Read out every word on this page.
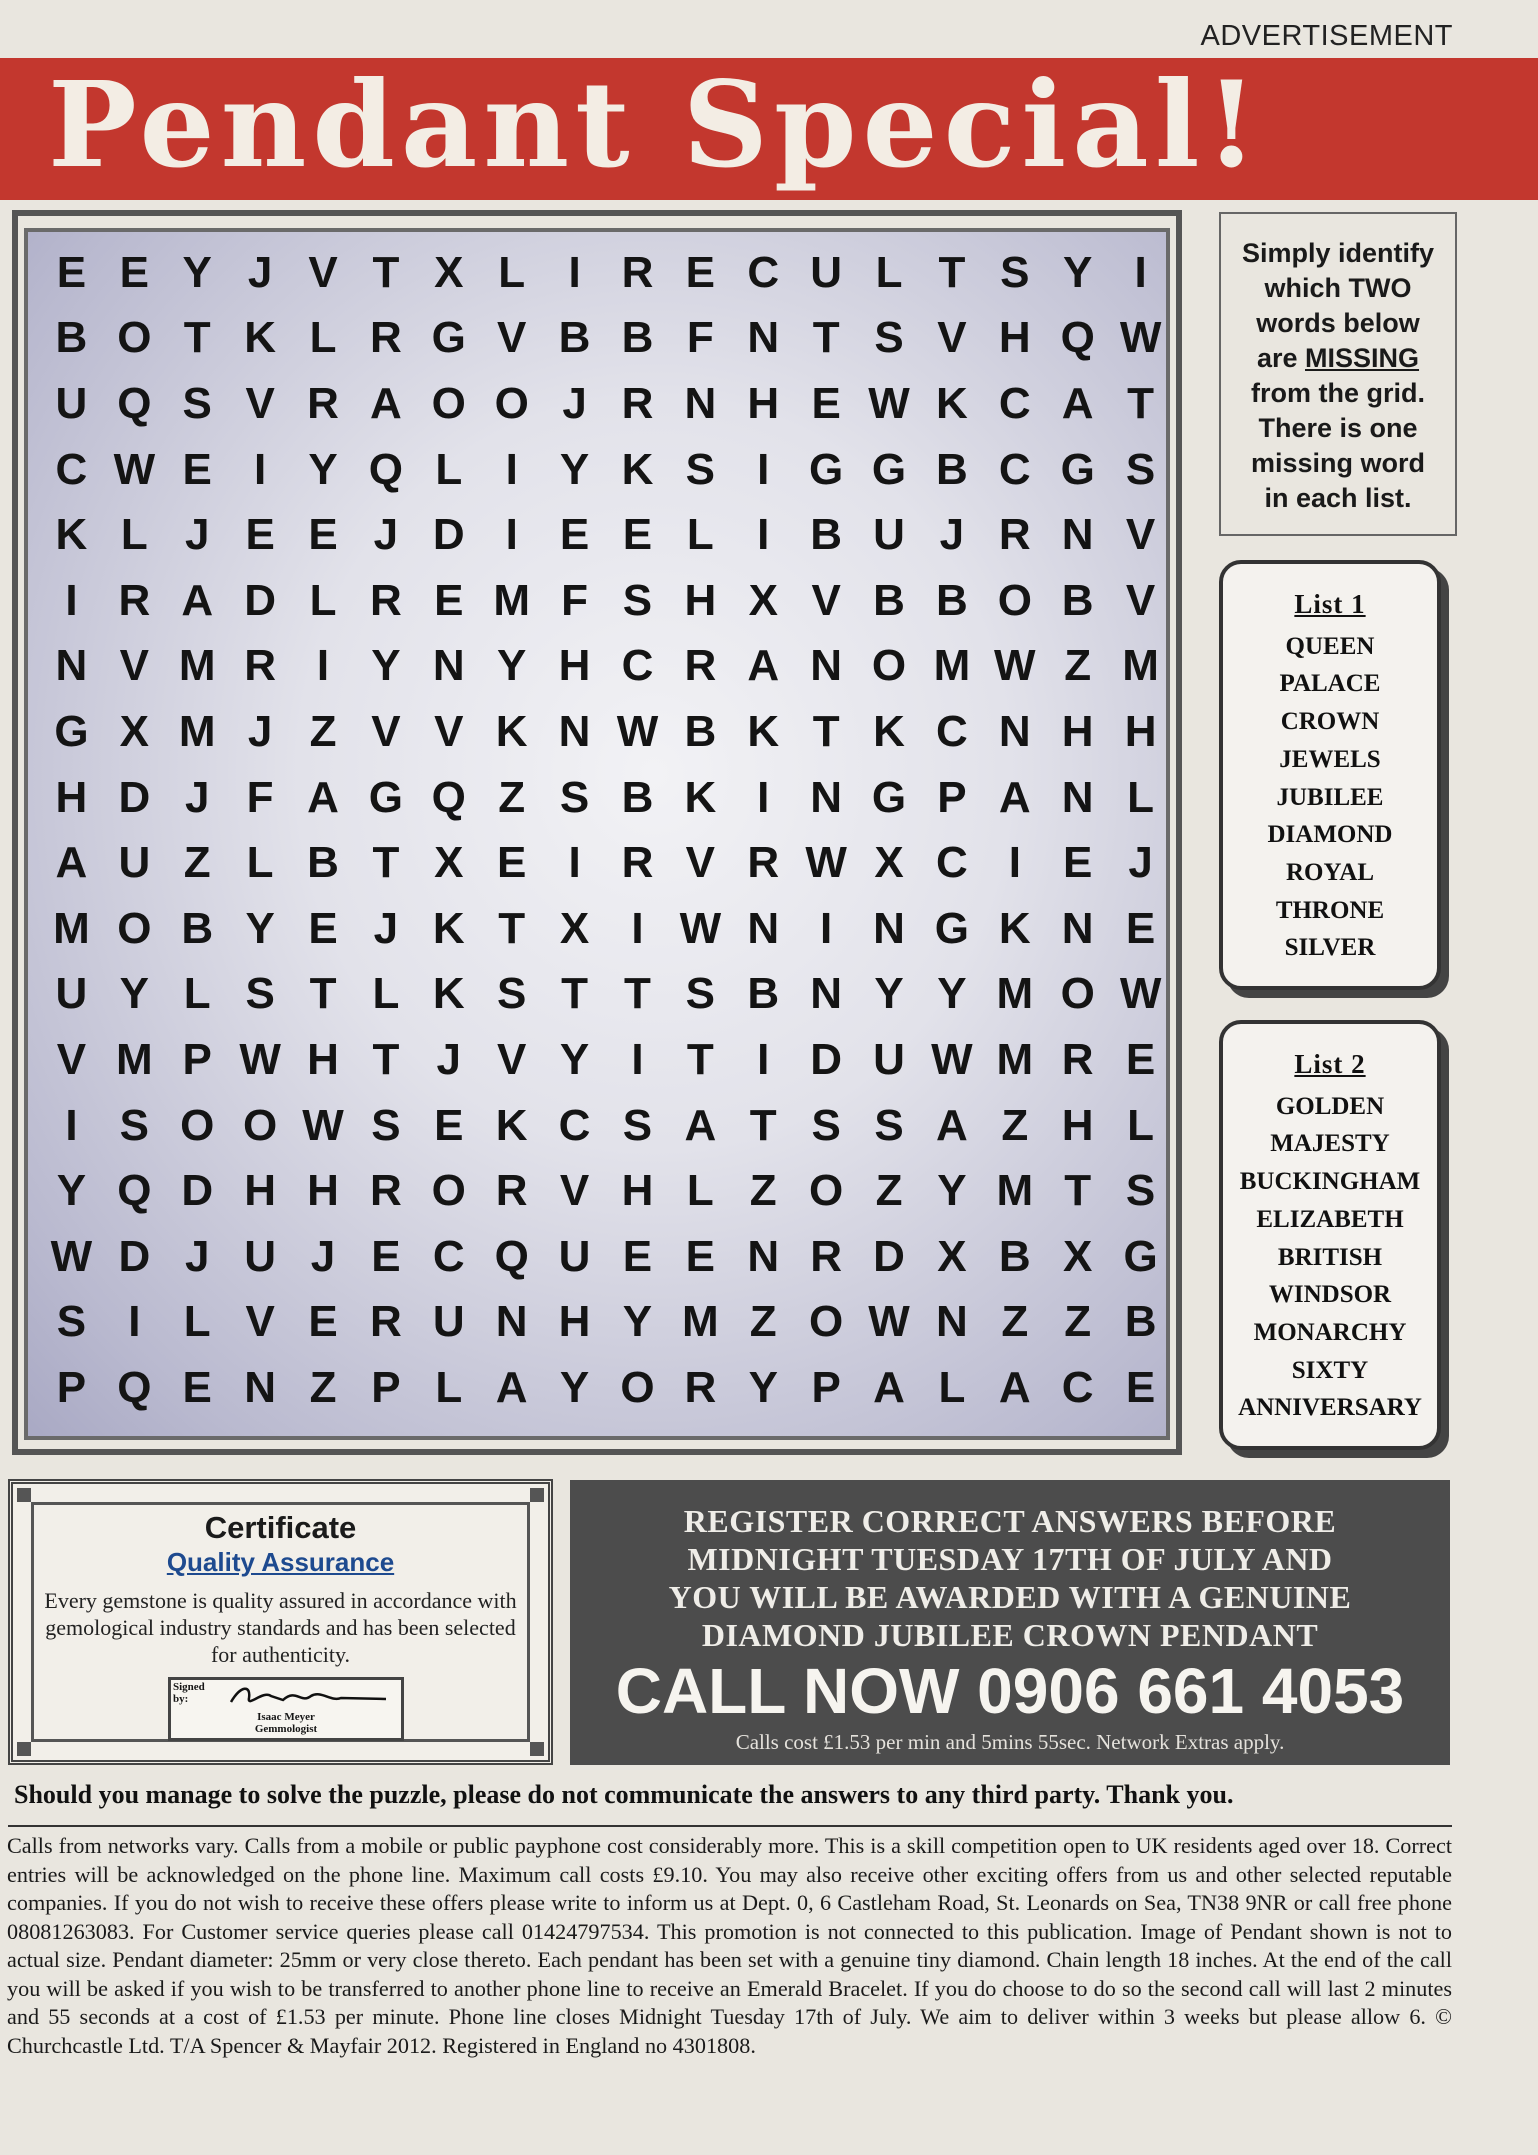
ADVERTISEMENT
Pendant Special!
E E Y J V T X L I R E C U L T S Y I
B O T K L R G V B B F N T S V H Q W
U Q S V R A O O J R N H E W K C A T
C W E I Y Q L I Y K S I G G B C G S
K L J E E J D I E E L I B U J R N V
I R A D L R E M F S H X V B B O B V
N V M R I Y N Y H C R A N O M W Z M
G X M J Z V V K N W B K T K C N H H
H D J F A G Q Z S B K I N G P A N L
A U Z L B T X E I R V R W X C I E J
M O B Y E J K T X I W N I N G K N E
U Y L S T L K S T T S B N Y Y M O W
V M P W H T J V Y I T I D U W M R E
I S O O W S E K C S A T S S A Z H L
Y Q D H H R O R V H L Z O Z Y M T S
W D J U J E C Q U E E N R D X B X G
S I L V E R U N H Y M Z O W N Z Z B
P Q E N Z P L A Y O R Y P A L A C E
Simply identify
which TWO
words below
are MISSING
from the grid.
There is one
missing word
in each list.
List 1
QUEEN
PALACE
CROWN
JEWELS
JUBILEE
DIAMOND
ROYAL
THRONE
SILVER
List 2
GOLDEN
MAJESTY
BUCKINGHAM
ELIZABETH
BRITISH
WINDSOR
MONARCHY
SIXTY
ANNIVERSARY
Certificate
Quality Assurance
Every gemstone is quality assured in accordance with gemological industry standards and has been selected for authenticity.
Signed by:
Isaac Meyer
Gemmologist
REGISTER CORRECT ANSWERS BEFORE
MIDNIGHT TUESDAY 17TH OF JULY AND
YOU WILL BE AWARDED WITH A GENUINE
DIAMOND JUBILEE CROWN PENDANT
CALL NOW 0906 661 4053
Calls cost £1.53 per min and 5mins 55sec. Network Extras apply.
Should you manage to solve the puzzle, please do not communicate the answers to any third party. Thank you.
Calls from networks vary. Calls from a mobile or public payphone cost considerably more. This is a skill competition open to UK residents aged over 18. Correct entries will be acknowledged on the phone line. Maximum call costs £9.10. You may also receive other exciting offers from us and other selected reputable companies. If you do not wish to receive these offers please write to inform us at Dept. 0, 6 Castleham Road, St. Leonards on Sea, TN38 9NR or call free phone 08081263083. For Customer service queries please call 01424797534. This promotion is not connected to this publication. Image of Pendant shown is not to actual size. Pendant diameter: 25mm or very close thereto. Each pendant has been set with a genuine tiny diamond. Chain length 18 inches. At the end of the call you will be asked if you wish to be transferred to another phone line to receive an Emerald Bracelet. If you do choose to do so the second call will last 2 minutes and 55 seconds at a cost of £1.53 per minute. Phone line closes Midnight Tuesday 17th of July. We aim to deliver within 3 weeks but please allow 6. © Churchcastle Ltd. T/A Spencer & Mayfair 2012. Registered in England no 4301808.
